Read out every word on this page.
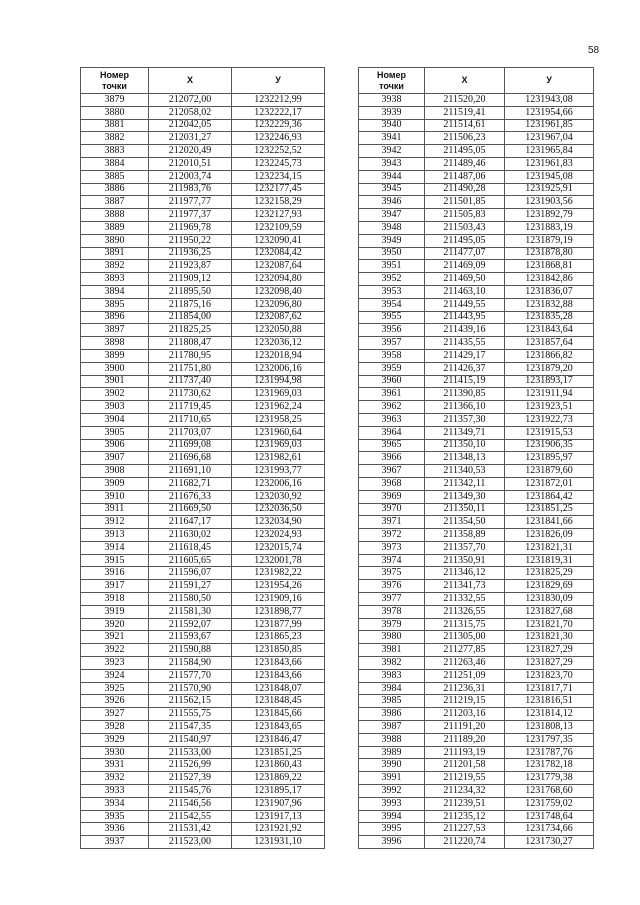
58
Номер
точки	X	У
3879	212072,00	1232212,99
3880	212058,02	1232222,17
3881	212042,05	1232229,36
3882	212031,27	1232246,93
3883	212020,49	1232252,52
3884	212010,51	1232245,73
3885	212003,74	1232234,15
3886	211983,76	1232177,45
3887	211977,77	1232158,29
3888	211977,37	1232127,93
3889	211969,78	1232109,59
3890	211950,22	1232090,41
3891	211936,25	1232084,42
3892	211923,87	1232087,64
3893	211909,12	1232094,80
3894	211895,50	1232098,40
3895	211875,16	1232096,80
3896	211854,00	1232087,62
3897	211825,25	1232050,88
3898	211808,47	1232036,12
3899	211780,95	1232018,94
3900	211751,80	1232006,16
3901	211737,40	1231994,98
3902	211730,62	1231969,03
3903	211719,45	1231962,24
3904	211710,65	1231958,25
3905	211703,07	1231960,64
3906	211699,08	1231969,03
3907	211696,68	1231982,61
3908	211691,10	1231993,77
3909	211682,71	1232006,16
3910	211676,33	1232030,92
3911	211669,50	1232036,50
3912	211647,17	1232034,90
3913	211630,02	1232024,93
3914	211618,45	1232015,74
3915	211605,65	1232001,78
3916	211596,07	1231982,22
3917	211591,27	1231954,26
3918	211580,50	1231909,16
3919	211581,30	1231898,77
3920	211592,07	1231877,99
3921	211593,67	1231865,23
3922	211590,88	1231850,85
3923	211584,90	1231843,66
3924	211577,70	1231843,66
3925	211570,90	1231848,07
3926	211562,15	1231848,45
3927	211555,75	1231845,66
3928	211547,35	1231843,65
3929	211540,97	1231846,47
3930	211533,00	1231851,25
3931	211526,99	1231860,43
3932	211527,39	1231869,22
3933	211545,76	1231895,17
3934	211546,56	1231907,96
3935	211542,55	1231917,13
3936	211531,42	1231921,92
3937	211523,00	1231931,10
Номер
точки	X	У
3938	211520,20	1231943,08
3939	211519,41	1231954,66
3940	211514,61	1231961,85
3941	211506,23	1231967,04
3942	211495,05	1231965,84
3943	211489,46	1231961,83
3944	211487,06	1231945,08
3945	211490,28	1231925,91
3946	211501,85	1231903,56
3947	211505,83	1231892,79
3948	211503,43	1231883,19
3949	211495,05	1231879,19
3950	211477,07	1231878,80
3951	211469,09	1231868,81
3952	211469,50	1231842,86
3953	211463,10	1231836,07
3954	211449,55	1231832,88
3955	211443,95	1231835,28
3956	211439,16	1231843,64
3957	211435,55	1231857,64
3958	211429,17	1231866,82
3959	211426,37	1231879,20
3960	211415,19	1231893,17
3961	211390,85	1231911,94
3962	211366,10	1231923,51
3963	211357,30	1231922,73
3964	211349,71	1231915,53
3965	211350,10	1231906,35
3966	211348,13	1231895,97
3967	211340,53	1231879,60
3968	211342,11	1231872,01
3969	211349,30	1231864,42
3970	211350,11	1231851,25
3971	211354,50	1231841,66
3972	211358,89	1231826,09
3973	211357,70	1231821,31
3974	211350,91	1231819,31
3975	211346,12	1231825,29
3976	211341,73	1231829,69
3977	211332,55	1231830,09
3978	211326,55	1231827,68
3979	211315,75	1231821,70
3980	211305,00	1231821,30
3981	211277,85	1231827,29
3982	211263,46	1231827,29
3983	211251,09	1231823,70
3984	211236,31	1231817,71
3985	211219,15	1231816,51
3986	211203,16	1231814,12
3987	211191,20	1231808,13
3988	211189,20	1231797,35
3989	211193,19	1231787,76
3990	211201,58	1231782,18
3991	211219,55	1231779,38
3992	211234,32	1231768,60
3993	211239,51	1231759,02
3994	211235,12	1231748,64
3995	211227,53	1231734,66
3996	211220,74	1231730,27
